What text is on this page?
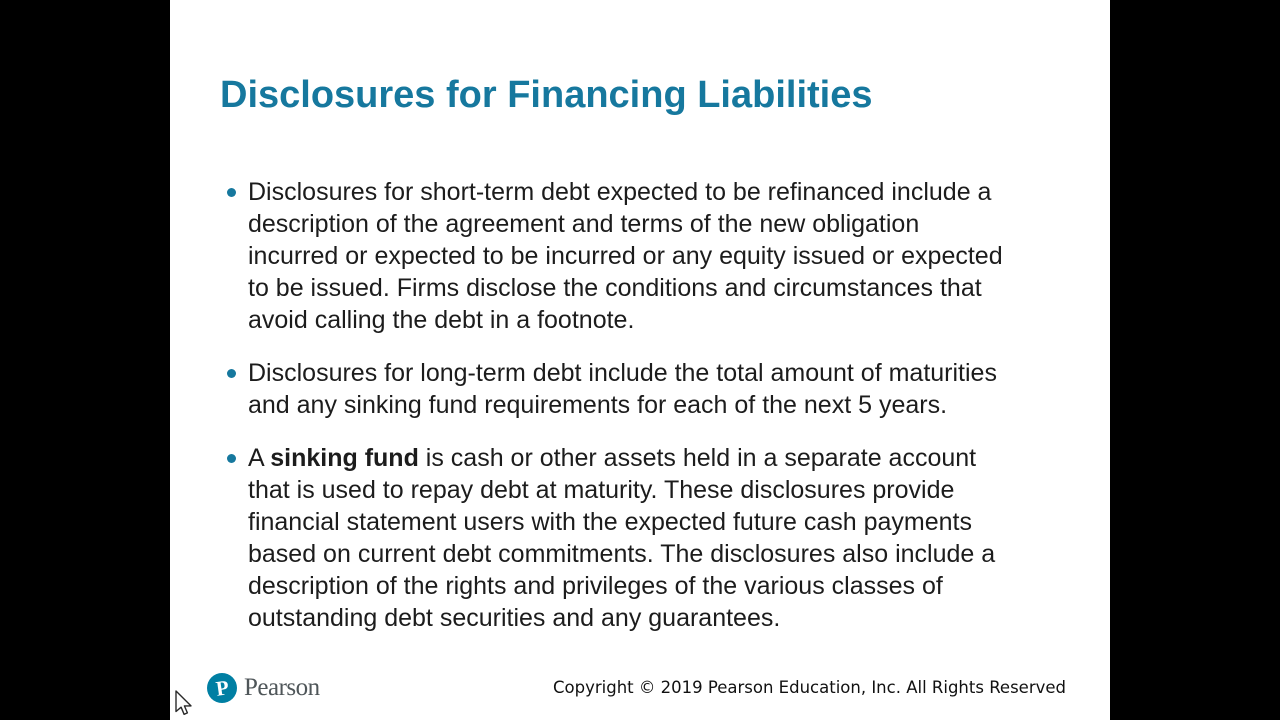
Disclosures for Financing Liabilities
Disclosures for short-term debt expected to be refinanced include a
description of the agreement and terms of the new obligation
incurred or expected to be incurred or any equity issued or expected
to be issued. Firms disclose the conditions and circumstances that
avoid calling the debt in a footnote.
Disclosures for long-term debt include the total amount of maturities
and any sinking fund requirements for each of the next 5 years.
A sinking fund is cash or other assets held in a separate account
that is used to repay debt at maturity. These disclosures provide
financial statement users with the expected future cash payments
based on current debt commitments. The disclosures also include a
description of the rights and privileges of the various classes of
outstanding debt securities and any guarantees.
P Pearson	Copyright © 2019 Pearson Education, Inc. All Rights Reserved
